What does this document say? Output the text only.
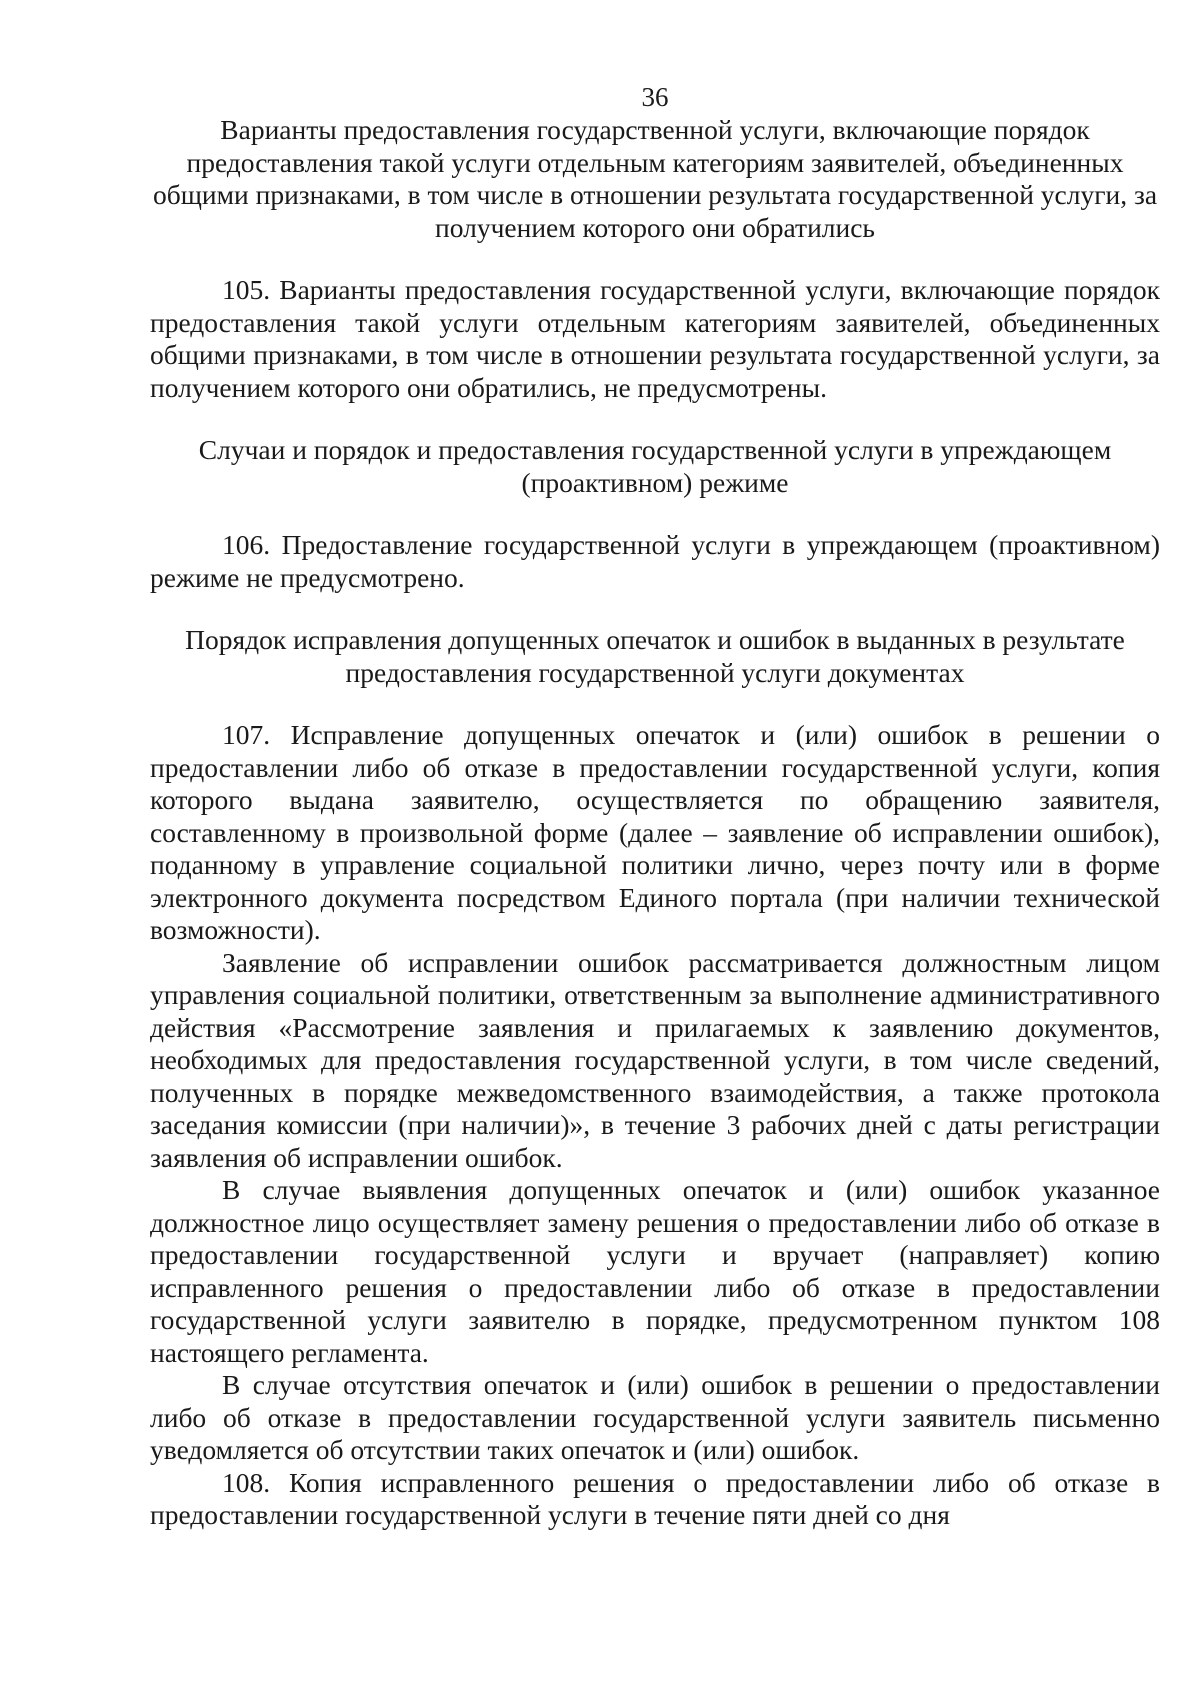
36
Варианты предоставления государственной услуги, включающие порядок предоставления такой услуги отдельным категориям заявителей, объединенных общими признаками, в том числе в отношении результата государственной услуги, за получением которого они обратились

105. Варианты предоставления государственной услуги, включающие порядок предоставления такой услуги отдельным категориям заявителей, объединенных общими признаками, в том числе в отношении результата государственной услуги, за получением которого они обратились, не предусмотрены.

Случаи и порядок и предоставления государственной услуги в упреждающем (проактивном) режиме

106. Предоставление государственной услуги в упреждающем (проактивном) режиме не предусмотрено.

Порядок исправления допущенных опечаток и ошибок в выданных в результате предоставления государственной услуги документах

107. Исправление допущенных опечаток и (или) ошибок в решении о предоставлении либо об отказе в предоставлении государственной услуги, копия которого выдана заявителю, осуществляется по обращению заявителя, составленному в произвольной форме (далее – заявление об исправлении ошибок), поданному в управление социальной политики лично, через почту или в форме электронного документа посредством Единого портала (при наличии технической возможности).

Заявление об исправлении ошибок рассматривается должностным лицом управления социальной политики, ответственным за выполнение административного действия «Рассмотрение заявления и прилагаемых к заявлению документов, необходимых для предоставления государственной услуги, в том числе сведений, полученных в порядке межведомственного взаимодействия, а также протокола заседания комиссии (при наличии)», в течение 3 рабочих дней с даты регистрации заявления об исправлении ошибок.

В случае выявления допущенных опечаток и (или) ошибок указанное должностное лицо осуществляет замену решения о предоставлении либо об отказе в предоставлении государственной услуги и вручает (направляет) копию исправленного решения о предоставлении либо об отказе в предоставлении государственной услуги заявителю в порядке, предусмотренном пунктом 108 настоящего регламента.

В случае отсутствия опечаток и (или) ошибок в решении о предоставлении либо об отказе в предоставлении государственной услуги заявитель письменно уведомляется об отсутствии таких опечаток и (или) ошибок.

108. Копия исправленного решения о предоставлении либо об отказе в предоставлении государственной услуги в течение пяти дней со дня
